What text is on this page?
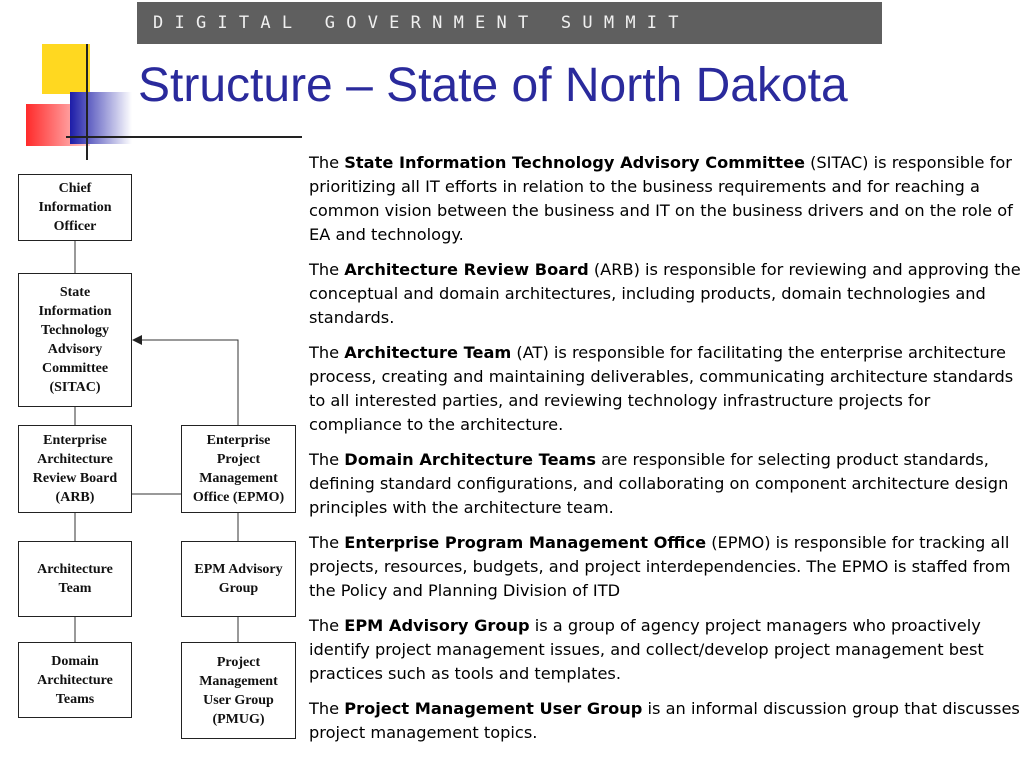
D I G I T A L   G O V E R N M E N T   S U M M I T
Structure – State of North Dakota
Chief
Information
Officer
State
Information
Technology
Advisory
Committee
(SITAC)
Enterprise
Architecture
Review Board
(ARB)
Enterprise
Project
Management
Office (EPMO)
Architecture
Team
EPM Advisory
Group
Domain
Architecture
Teams
Project
Management
User Group
(PMUG)

The State Information Technology Advisory Committee (SITAC) is responsible for prioritizing all IT efforts in relation to the business requirements and for reaching a common vision between the business and IT on the business drivers and on the role of EA and technology.

The Architecture Review Board (ARB) is responsible for reviewing and approving the conceptual and domain architectures, including products, domain technologies and standards.

The Architecture Team (AT) is responsible for facilitating the enterprise architecture process, creating and maintaining deliverables, communicating architecture standards to all interested parties, and reviewing technology infrastructure projects for compliance to the architecture.

The Domain Architecture Teams are responsible for selecting product standards, defining standard configurations, and collaborating on component architecture design principles with the architecture team.

The Enterprise Program Management Office (EPMO) is responsible for tracking all projects, resources, budgets, and project interdependencies. The EPMO is staffed from the Policy and Planning Division of ITD

The EPM Advisory Group is a group of agency project managers who proactively identify project management issues, and collect/develop project management best practices such as tools and templates.

The Project Management User Group is an informal discussion group that discusses project management topics.
